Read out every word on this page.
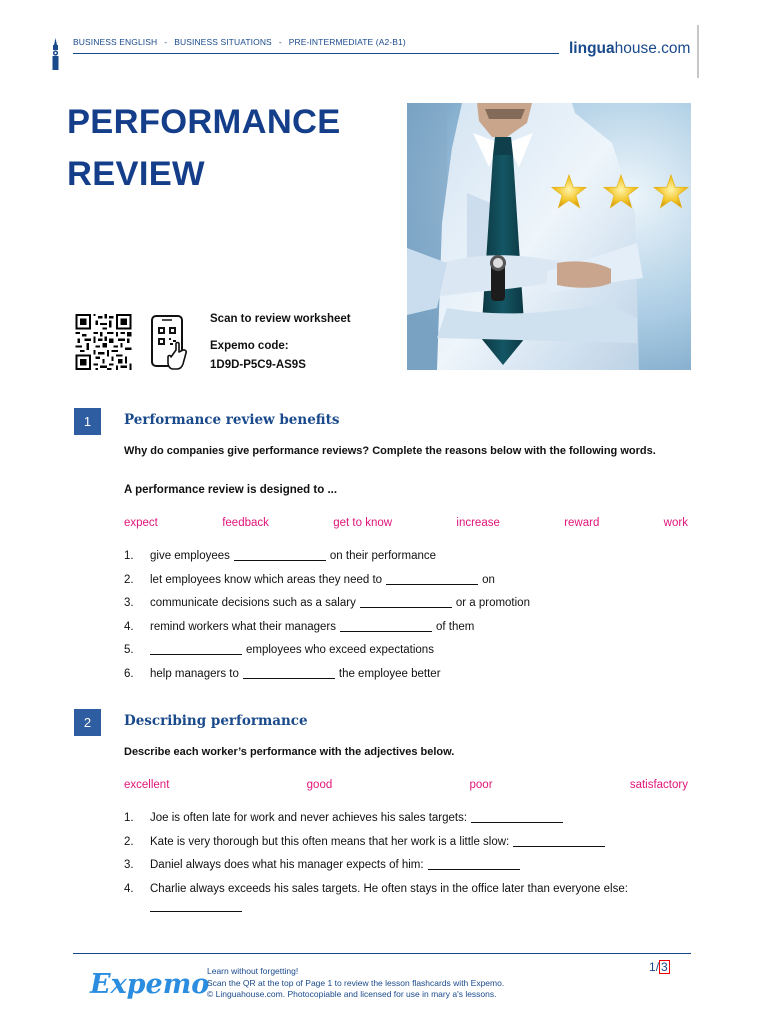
BUSINESS ENGLISH - BUSINESS SITUATIONS - PRE-INTERMEDIATE (A2-B1)	linguahouse.com
PERFORMANCE REVIEW
Scan to review worksheet
Expemo code:
1D9D-P5C9-AS9S
1	Performance review benefits
Why do companies give performance reviews? Complete the reasons below with the following words.
A performance review is designed to ...
expect	feedback	get to know	increase	reward	work
1.	give employees	on their performance
2.	let employees know which areas they need to	on
3.	communicate decisions such as a salary	or a promotion
4.	remind workers what their managers	of them
5.	employees who exceed expectations
6.	help managers to	the employee better
2	Describing performance
Describe each worker’s performance with the adjectives below.
excellent	good	poor	satisfactory
1.	Joe is often late for work and never achieves his sales targets:
2.	Kate is very thorough but this often means that her work is a little slow:
3.	Daniel always does what his manager expects of him:
4.	Charlie always exceeds his sales targets. He often stays in the office later than everyone else:
Expemo
Learn without forgetting!
Scan the QR at the top of Page 1 to review the lesson flashcards with Expemo.
© Linguahouse.com. Photocopiable and licensed for use in mary a's lessons.
1/ 3
